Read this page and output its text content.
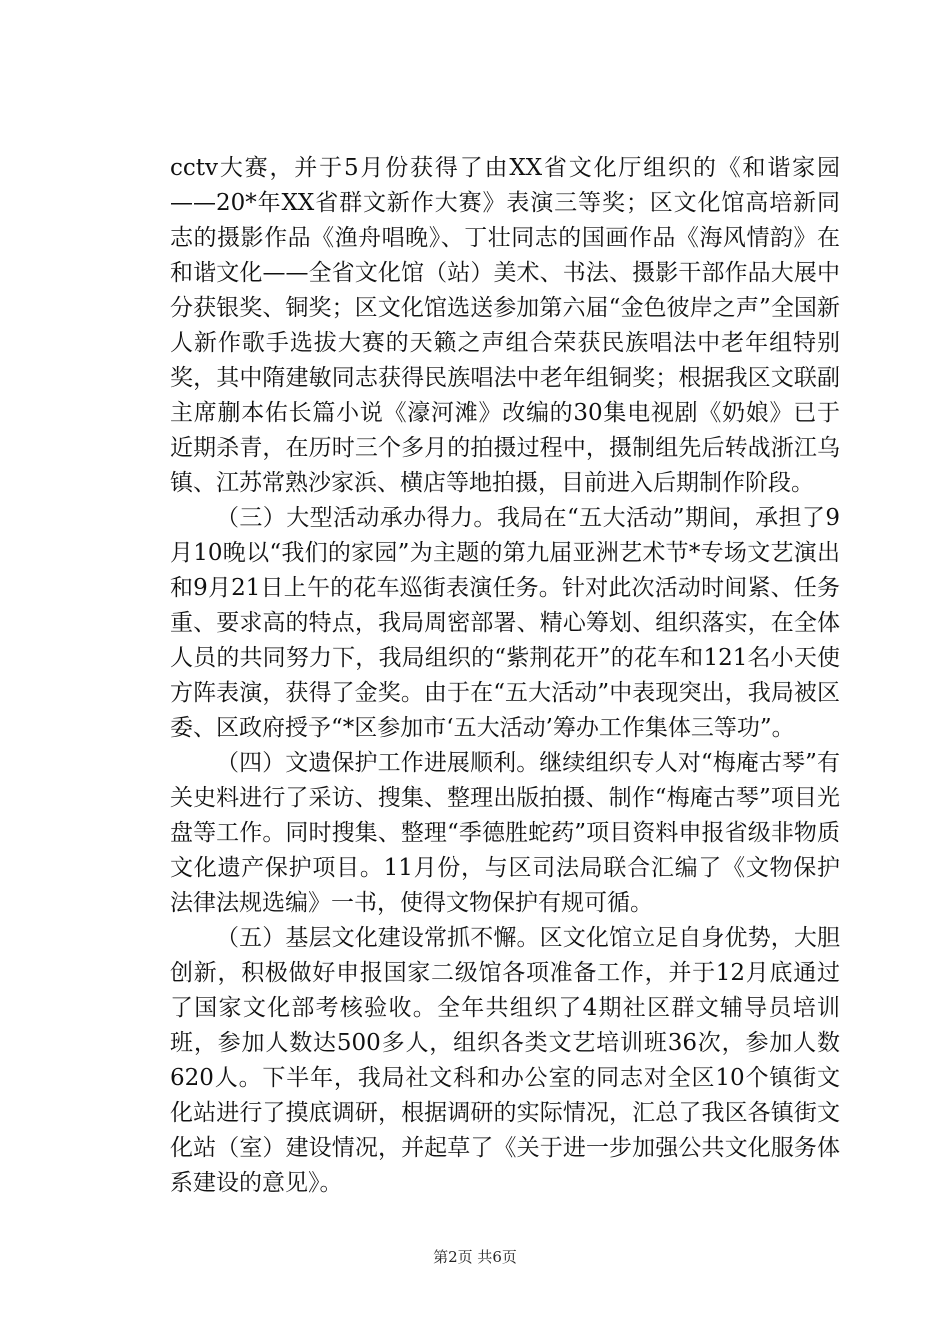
cctv大赛，并于5月份获得了由XX省文化厅组织的《和谐家园——20*年XX省群文新作大赛》表演三等奖；区文化馆高培新同志的摄影作品《渔舟唱晚》、丁壮同志的国画作品《海风情韵》在和谐文化——全省文化馆（站）美术、书法、摄影干部作品大展中分获银奖、铜奖；区文化馆选送参加第六届“金色彼岸之声”全国新人新作歌手选拔大赛的天籁之声组合荣获民族唱法中老年组特别奖，其中隋建敏同志获得民族唱法中老年组铜奖；根据我区文联副主席蒯本佑长篇小说《濠河滩》改编的30集电视剧《奶娘》已于近期杀青，在历时三个多月的拍摄过程中，摄制组先后转战浙江乌镇、江苏常熟沙家浜、横店等地拍摄，目前进入后期制作阶段。

（三）大型活动承办得力。我局在“五大活动”期间，承担了9月10晚以“我们的家园”为主题的第九届亚洲艺术节*专场文艺演出和9月21日上午的花车巡街表演任务。针对此次活动时间紧、任务重、要求高的特点，我局周密部署、精心筹划、组织落实，在全体人员的共同努力下，我局组织的“紫荆花开”的花车和121名小天使方阵表演，获得了金奖。由于在“五大活动”中表现突出，我局被区委、区政府授予“*区参加市‘五大活动’筹办工作集体三等功”。

（四）文遗保护工作进展顺利。继续组织专人对“梅庵古琴”有关史料进行了采访、搜集、整理出版拍摄、制作“梅庵古琴”项目光盘等工作。同时搜集、整理“季德胜蛇药”项目资料申报省级非物质文化遗产保护项目。11月份，与区司法局联合汇编了《文物保护法律法规选编》一书，使得文物保护有规可循。

（五）基层文化建设常抓不懈。区文化馆立足自身优势，大胆创新，积极做好申报国家二级馆各项准备工作，并于12月底通过了国家文化部考核验收。全年共组织了4期社区群文辅导员培训班，参加人数达500多人，组织各类文艺培训班36次，参加人数620人。下半年，我局社文科和办公室的同志对全区10个镇街文化站进行了摸底调研，根据调研的实际情况，汇总了我区各镇街文化站（室）建设情况，并起草了《关于进一步加强公共文化服务体系建设的意见》。

第2页 共6页
